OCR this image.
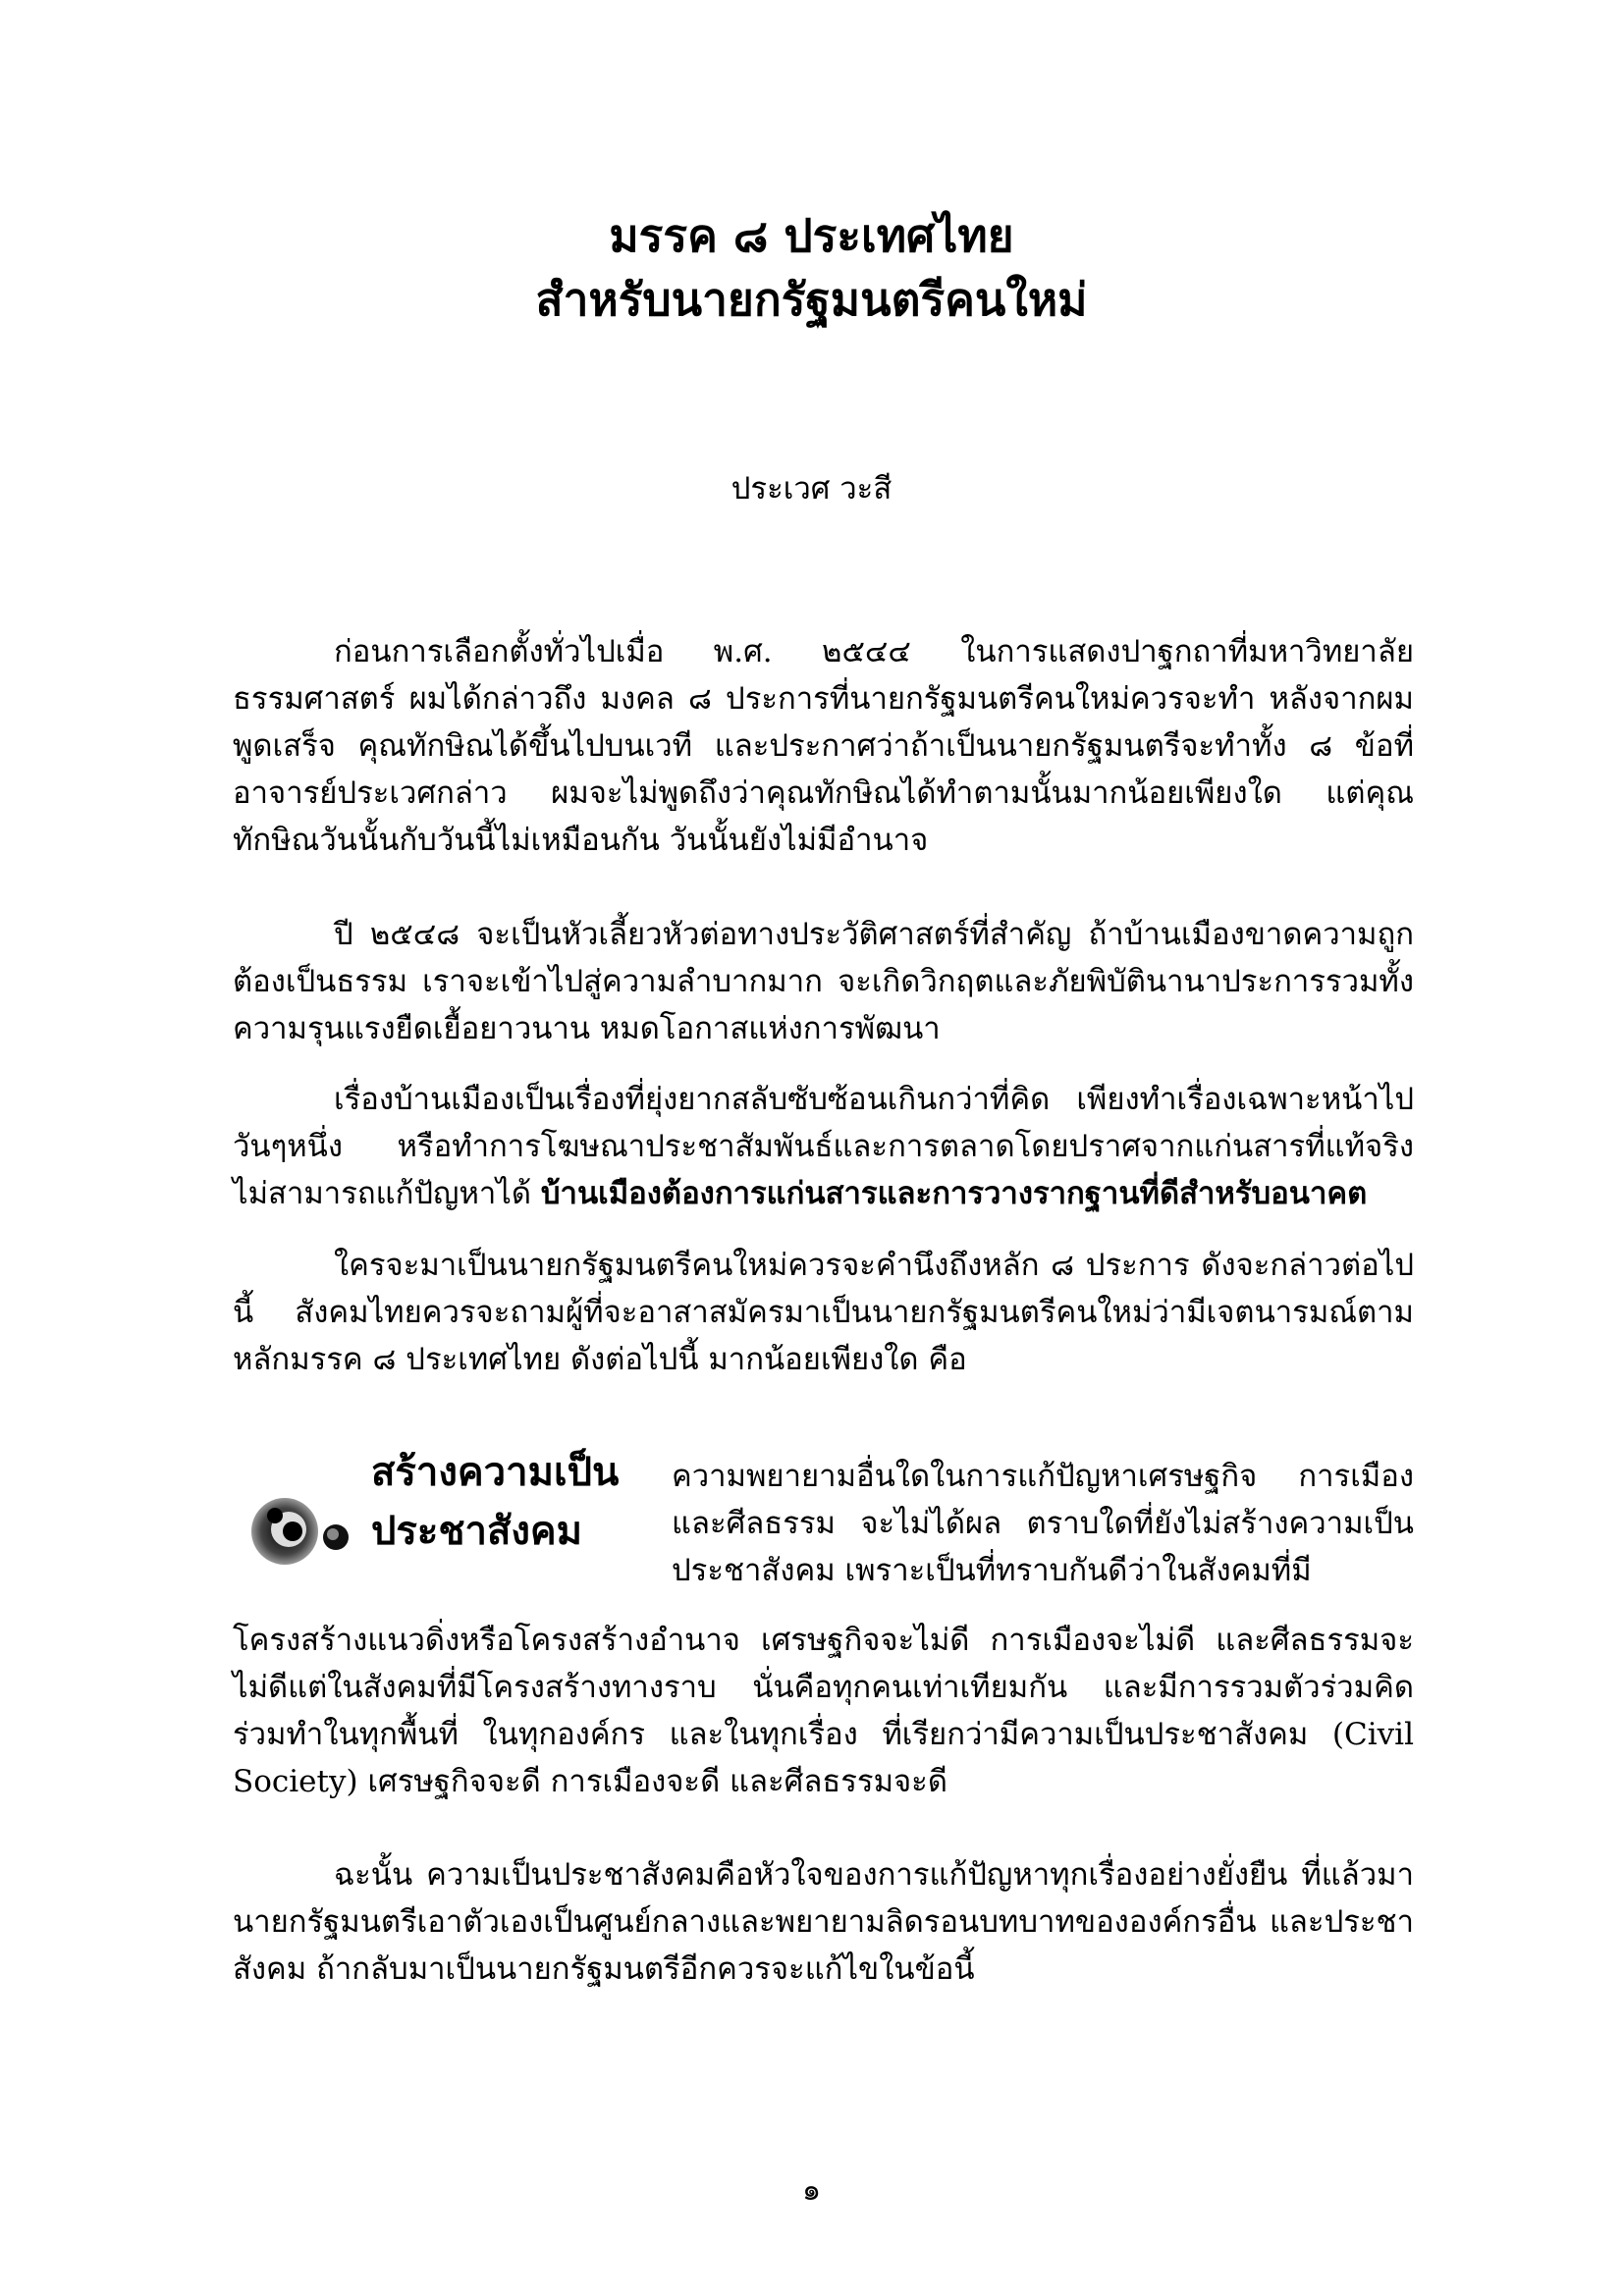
มรรค ๘ ประเทศไทย
สำหรับนายกรัฐมนตรีคนใหม่
ประเวศ วะสี

ก่อนการเลือกตั้งทั่วไปเมื่อ พ.ศ. ๒๕๔๔ ในการแสดงปาฐกถาที่มหาวิทยาลัยธรรมศาสตร์ ผมได้กล่าวถึง มงคล ๘ ประการที่นายกรัฐมนตรีคนใหม่ควรจะทำ หลังจากผมพูดเสร็จ คุณทักษิณได้ขึ้นไปบนเวที และประกาศว่าถ้าเป็นนายกรัฐมนตรีจะทำทั้ง ๘ ข้อที่อาจารย์ประเวศกล่าว ผมจะไม่พูดถึงว่าคุณทักษิณได้ทำตามนั้นมากน้อยเพียงใด แต่คุณทักษิณวันนั้นกับวันนี้ไม่เหมือนกัน วันนั้นยังไม่มีอำนาจ

ปี ๒๕๔๘ จะเป็นหัวเลี้ยวหัวต่อทางประวัติศาสตร์ที่สำคัญ ถ้าบ้านเมืองขาดความถูกต้องเป็นธรรม เราจะเข้าไปสู่ความลำบากมาก จะเกิดวิกฤตและภัยพิบัตินานาประการรวมทั้งความรุนแรงยืดเยื้อยาวนาน หมดโอกาสแห่งการพัฒนา

เรื่องบ้านเมืองเป็นเรื่องที่ยุ่งยากสลับซับซ้อนเกินกว่าที่คิด เพียงทำเรื่องเฉพาะหน้าไปวันๆหนึ่ง หรือทำการโฆษณาประชาสัมพันธ์และการตลาดโดยปราศจากแก่นสารที่แท้จริง ไม่สามารถแก้ปัญหาได้ บ้านเมืองต้องการแก่นสารและการวางรากฐานที่ดีสำหรับอนาคต

ใครจะมาเป็นนายกรัฐมนตรีคนใหม่ควรจะคำนึงถึงหลัก ๘ ประการ ดังจะกล่าวต่อไปนี้ สังคมไทยควรจะถามผู้ที่จะอาสาสมัครมาเป็นนายกรัฐมนตรีคนใหม่ว่ามีเจตนารมณ์ตามหลักมรรค ๘ ประเทศไทย ดังต่อไปนี้ มากน้อยเพียงใด คือ

๑	สร้างความเป็น
ประชาสังคม

ความพยายามอื่นใดในการแก้ปัญหาเศรษฐกิจ การเมือง และศีลธรรม จะไม่ได้ผล ตราบใดที่ยังไม่สร้างความเป็นประชาสังคม เพราะเป็นที่ทราบกันดีว่าในสังคมที่มี

โครงสร้างแนวดิ่งหรือโครงสร้างอำนาจ เศรษฐกิจจะไม่ดี การเมืองจะไม่ดี และศีลธรรมจะไม่ดีแต่ในสังคมที่มีโครงสร้างทางราบ นั่นคือทุกคนเท่าเทียมกัน และมีการรวมตัวร่วมคิดร่วมทำในทุกพื้นที่ ในทุกองค์กร และในทุกเรื่อง ที่เรียกว่ามีความเป็นประชาสังคม (Civil Society) เศรษฐกิจจะดี การเมืองจะดี และศีลธรรมจะดี

ฉะนั้น ความเป็นประชาสังคมคือหัวใจของการแก้ปัญหาทุกเรื่องอย่างยั่งยืน ที่แล้วมานายกรัฐมนตรีเอาตัวเองเป็นศูนย์กลางและพยายามลิดรอนบทบาทขององค์กรอื่น และประชาสังคม ถ้ากลับมาเป็นนายกรัฐมนตรีอีกควรจะแก้ไขในข้อนี้

๑
